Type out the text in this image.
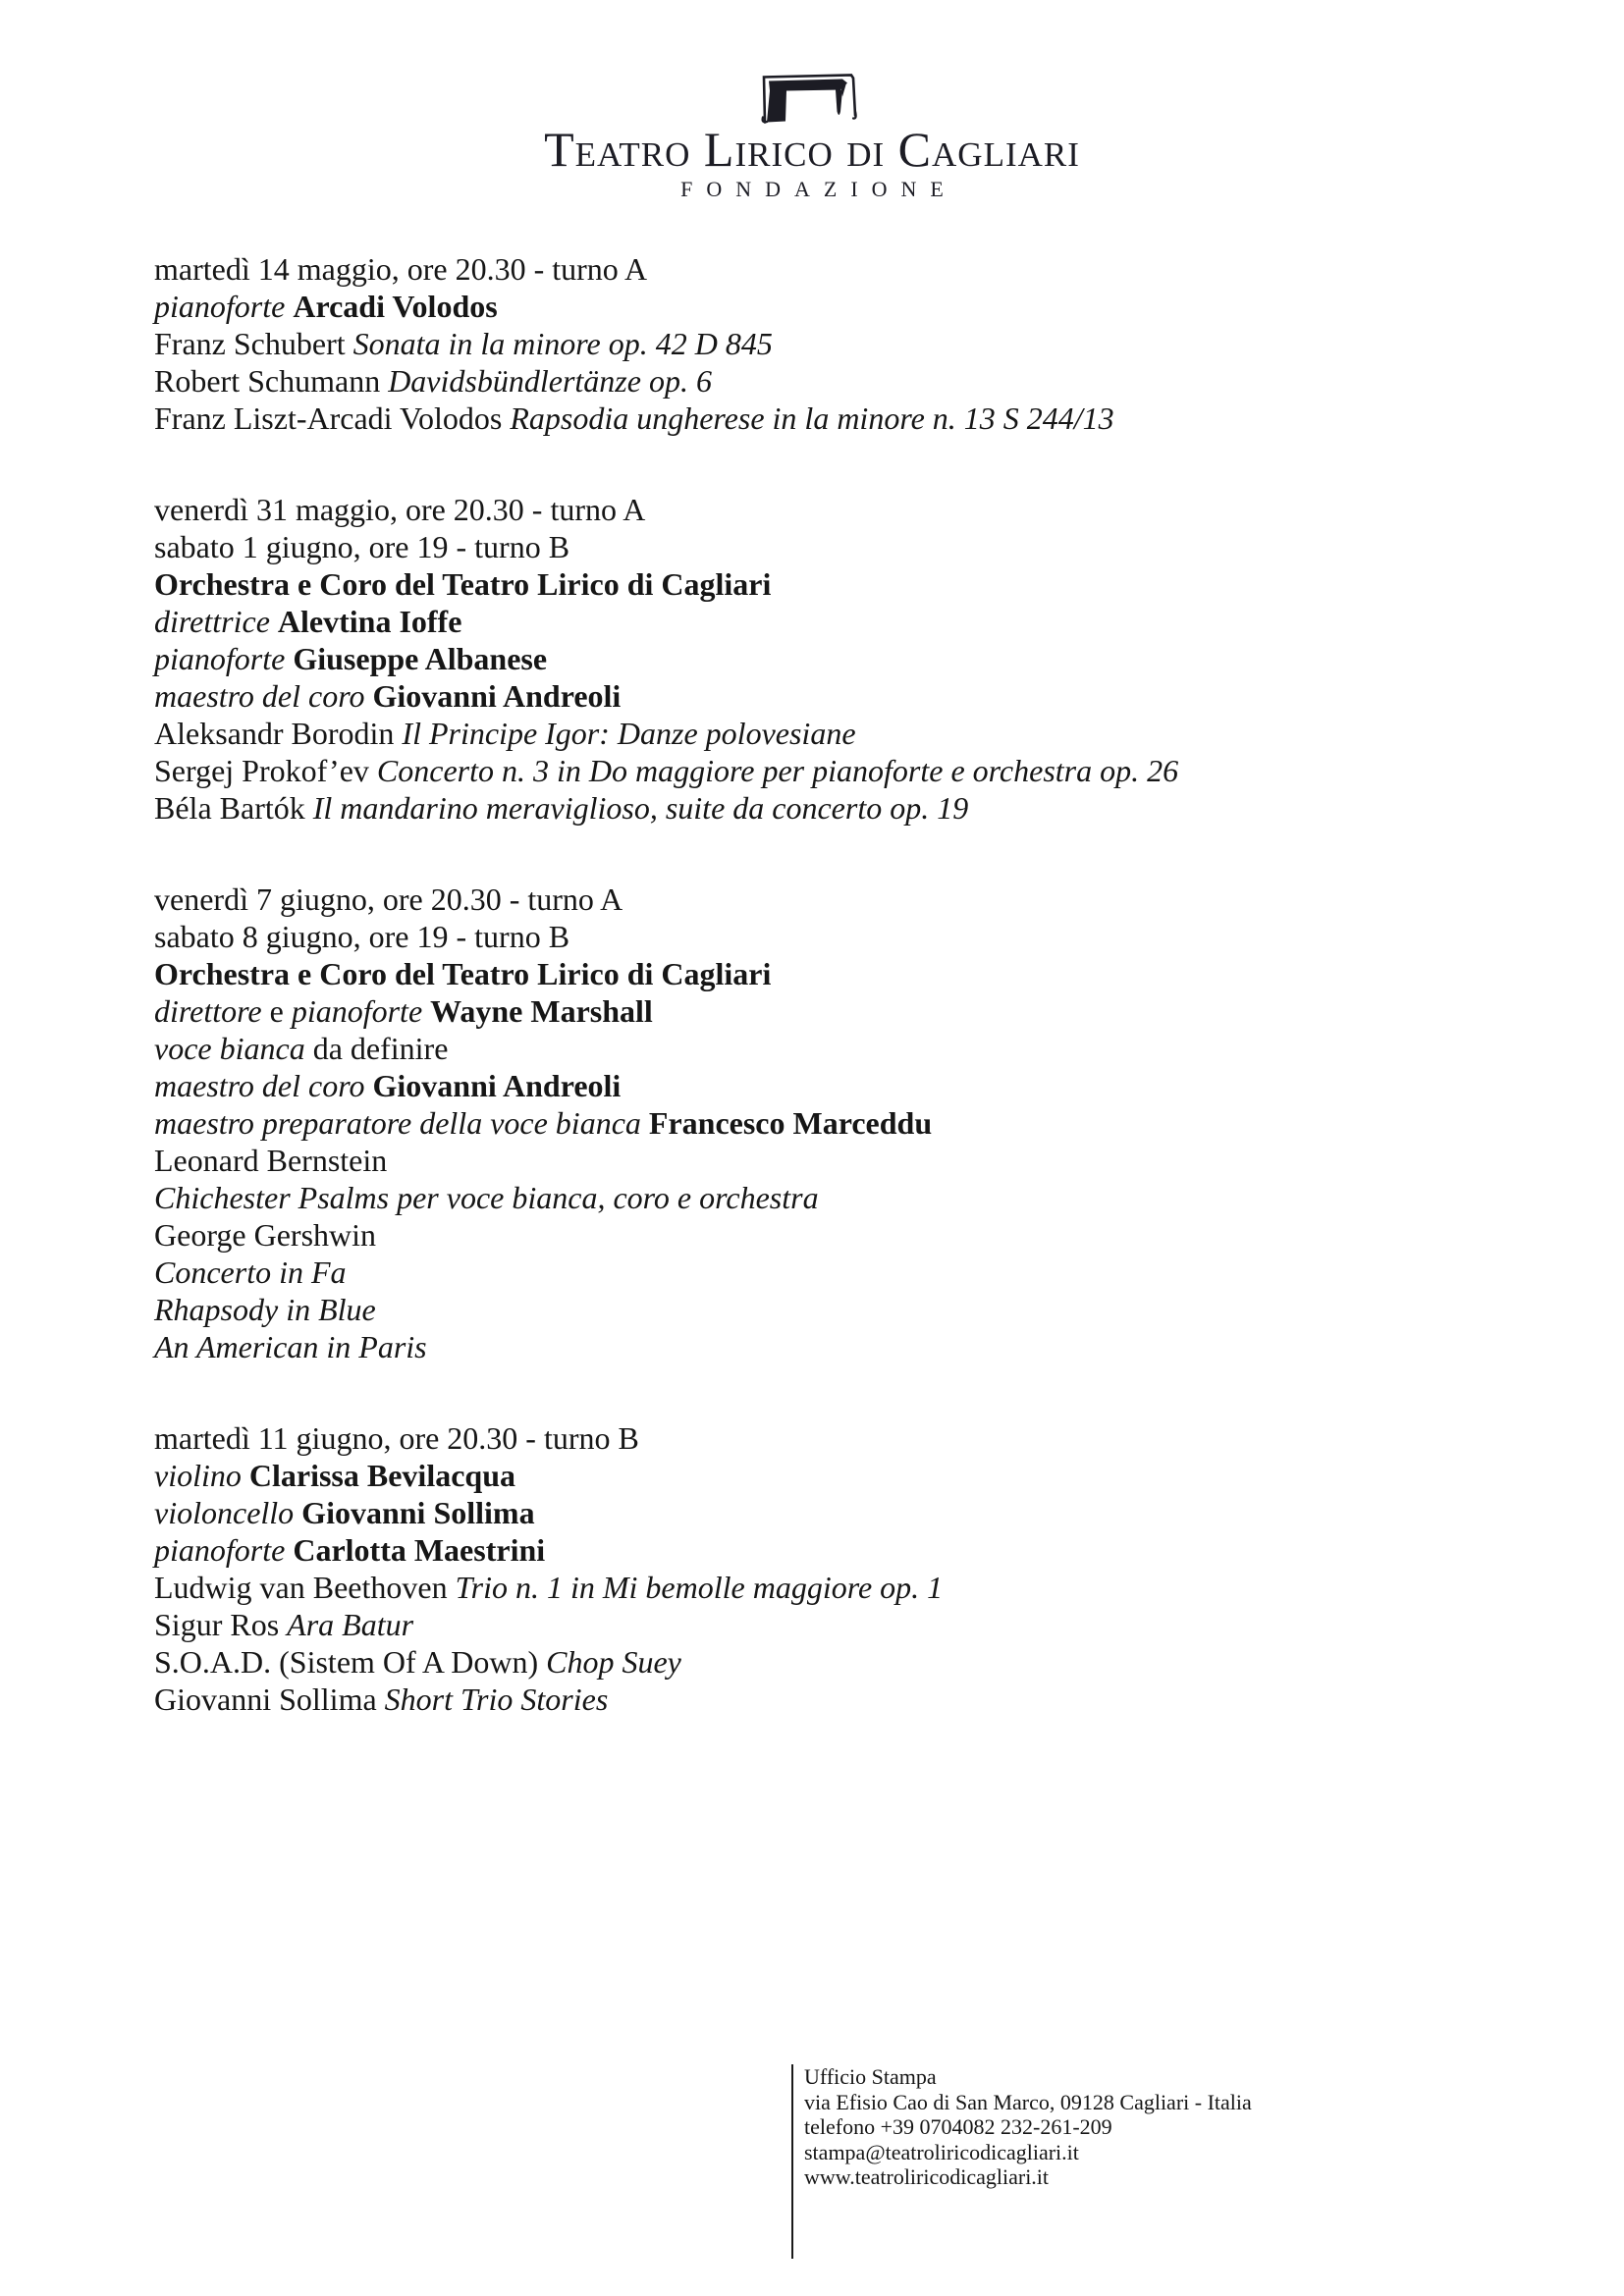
Teatro Lirico di Cagliari
FONDAZIONE
martedì 14 maggio, ore 20.30 - turno A
pianoforte Arcadi Volodos
Franz Schubert Sonata in la minore op. 42 D 845
Robert Schumann Davidsbündlertänze op. 6
Franz Liszt-Arcadi Volodos Rapsodia ungherese in la minore n. 13 S 244/13
venerdì 31 maggio, ore 20.30 - turno A
sabato 1 giugno, ore 19 - turno B
Orchestra e Coro del Teatro Lirico di Cagliari
direttrice Alevtina Ioffe
pianoforte Giuseppe Albanese
maestro del coro Giovanni Andreoli
Aleksandr Borodin Il Principe Igor: Danze polovesiane
Sergej Prokof’ev Concerto n. 3 in Do maggiore per pianoforte e orchestra op. 26
Béla Bartók Il mandarino meraviglioso, suite da concerto op. 19
venerdì 7 giugno, ore 20.30 - turno A
sabato 8 giugno, ore 19 - turno B
Orchestra e Coro del Teatro Lirico di Cagliari
direttore e pianoforte Wayne Marshall
voce bianca da definire
maestro del coro Giovanni Andreoli
maestro preparatore della voce bianca Francesco Marceddu
Leonard Bernstein
Chichester Psalms per voce bianca, coro e orchestra
George Gershwin
Concerto in Fa
Rhapsody in Blue
An American in Paris
martedì 11 giugno, ore 20.30 - turno B
violino Clarissa Bevilacqua
violoncello Giovanni Sollima
pianoforte Carlotta Maestrini
Ludwig van Beethoven Trio n. 1 in Mi bemolle maggiore op. 1
Sigur Ros Ara Batur
S.O.A.D. (Sistem Of A Down) Chop Suey
Giovanni Sollima Short Trio Stories
Ufficio Stampa
via Efisio Cao di San Marco, 09128 Cagliari - Italia
telefono +39 0704082 232-261-209
stampa@teatroliricodicagliari.it
www.teatroliricodicagliari.it
